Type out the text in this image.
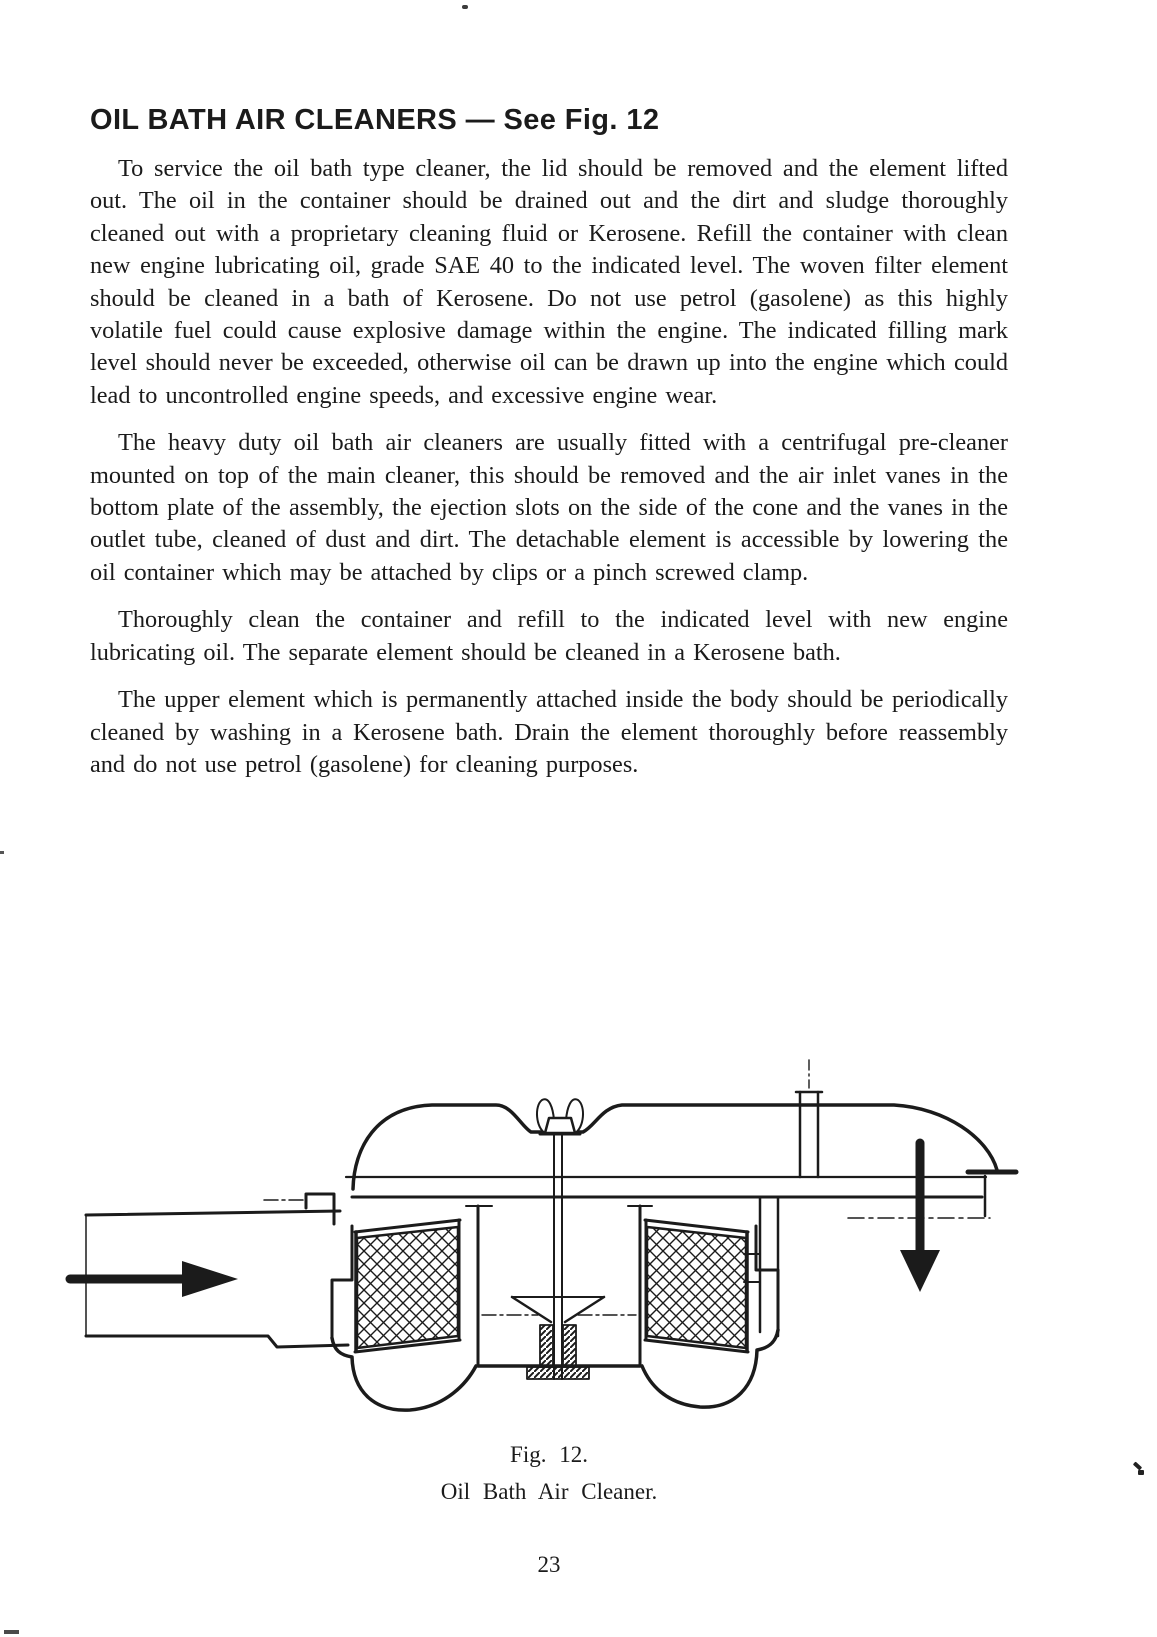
OIL BATH AIR CLEANERS — See Fig. 12

To service the oil bath type cleaner, the lid should be removed and the element lifted out. The oil in the container should be drained out and the dirt and sludge thoroughly cleaned out with a proprietary cleaning fluid or Kerosene. Refill the container with clean new engine lubricating oil, grade SAE 40 to the indicated level. The woven filter element should be cleaned in a bath of Kerosene. Do not use petrol (gasolene) as this highly volatile fuel could cause explosive damage within the engine. The indicated filling mark level should never be exceeded, otherwise oil can be drawn up into the engine which could lead to uncontrolled engine speeds, and excessive engine wear.

The heavy duty oil bath air cleaners are usually fitted with a centrifugal pre-cleaner mounted on top of the main cleaner, this should be removed and the air inlet vanes in the bottom plate of the assembly, the ejection slots on the side of the cone and the vanes in the outlet tube, cleaned of dust and dirt. The detachable element is accessible by lowering the oil container which may be attached by clips or a pinch screwed clamp.

Thoroughly clean the container and refill to the indicated level with new engine lubricating oil. The separate element should be cleaned in a Kerosene bath.

The upper element which is permanently attached inside the body should be periodically cleaned by washing in a Kerosene bath. Drain the element thoroughly before reassembly and do not use petrol (gasolene) for cleaning purposes.

Fig. 12.
Oil Bath Air Cleaner.
23
